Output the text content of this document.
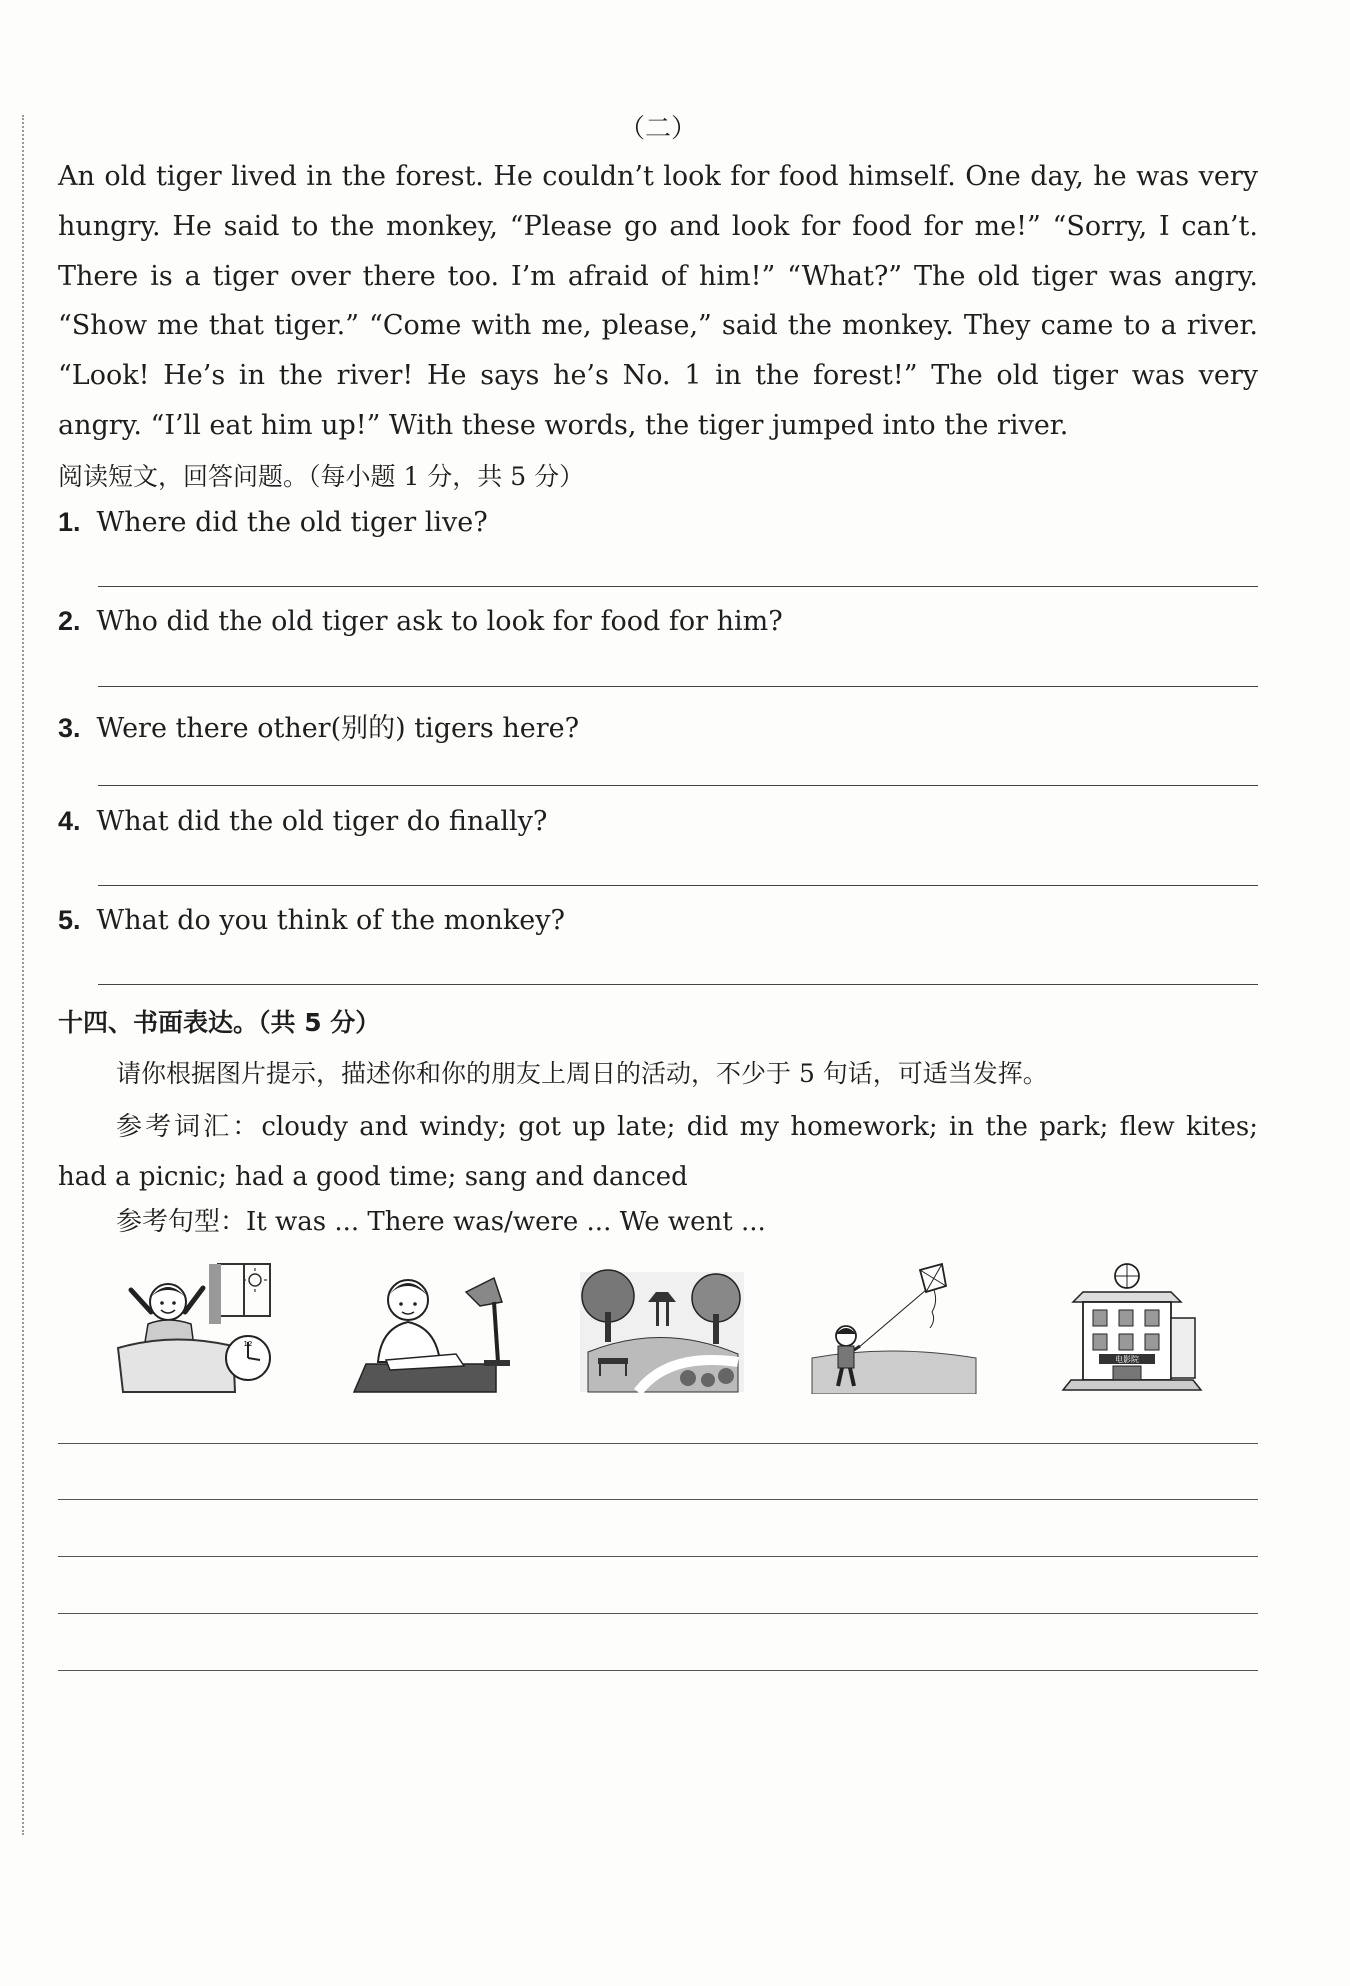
（二）
An old tiger lived in the forest. He couldn’t look for food himself. One day, he was very hungry. He said to the monkey, “Please go and look for food for me!” “Sorry, I can’t. There is a tiger over there too. I’m afraid of him!” “What?” The old tiger was angry. “Show me that tiger.” “Come with me, please,” said the monkey. They came to a river. “Look! He’s in the river! He says he’s No. 1 in the forest!” The old tiger was very angry. “I’ll eat him up!” With these words, the tiger jumped into the river.
阅读短文，回答问题。（每小题 1 分，共 5 分）
1. Where did the old tiger live?
2. Who did the old tiger ask to look for food for him?
3. Were there other(别的) tigers here?
4. What did the old tiger do finally?
5. What do you think of the monkey?
十四、书面表达。（共 5 分）
请你根据图片提示，描述你和你的朋友上周日的活动，不少于 5 句话，可适当发挥。
参考词汇：cloudy and windy; got up late; did my homework; in the park; flew kites; had a picnic; had a good time; sang and danced
参考句型：It was ... There was/were ... We went ...
12
电影院
